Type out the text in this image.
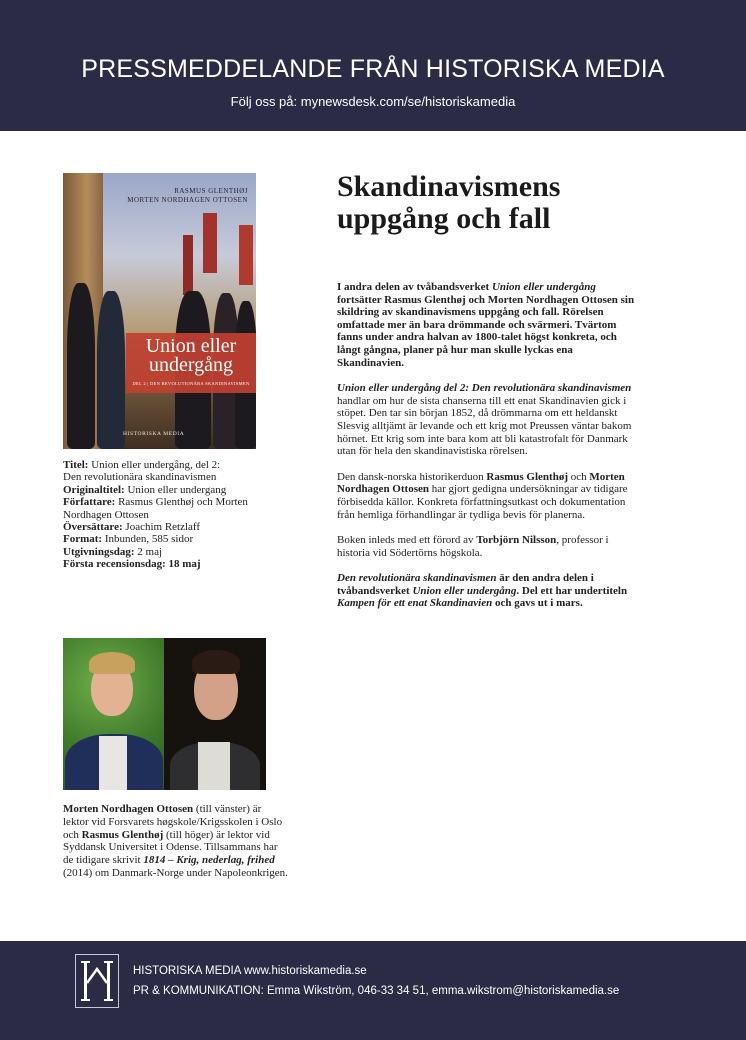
PRESSMEDDELANDE FRÅN HISTORISKA MEDIA
Följ oss på: mynewsdesk.com/se/historiskamedia
RASMUS GLENTHØJ
MORTEN NORDHAGEN OTTOSEN
Union eller
undergång
DEL 2 | DEN REVOLUTIONÄRA SKANDINAVISMEN
HISTORISKA MEDIA
Titel: Union eller undergång, del 2:
Den revolutionära skandinavismen
Originaltitel: Union eller undergang
Författare: Rasmus Glenthøj och Morten
Nordhagen Ottosen
Översättare: Joachim Retzlaff
Format: Inbunden, 585 sidor
Utgivningsdag: 2 maj
Första recensionsdag: 18 maj
Morten Nordhagen Ottosen (till vänster) är lektor vid Forsvarets høgskole/Krigsskolen i Oslo och Rasmus Glenthøj (till höger) är lektor vid Syddansk Universitet i Odense. Tillsammans har de tidigare skrivit 1814 – Krig, nederlag, frihed (2014) om Danmark-Norge under Napoleonkrigen.
Skandinavismens uppgång och fall

I andra delen av tvåbandsverket Union eller undergång fortsätter Rasmus Glenthøj och Morten Nordhagen Ottosen sin skildring av skandinavismens uppgång och fall. Rörelsen omfattade mer än bara drömmande och svärmeri. Tvärtom fanns under andra halvan av 1800-talet högst konkreta, och långt gångna, planer på hur man skulle lyckas ena Skandinavien.

Union eller undergång del 2: Den revolutionära skandinavismen handlar om hur de sista chanserna till ett enat Skandinavien gick i stöpet. Den tar sin början 1852, då drömmarna om ett heldanskt Slesvig alltjämt är levande och ett krig mot Preussen väntar bakom hörnet. Ett krig som inte bara kom att bli katastrofalt för Danmark utan för hela den skandinavistiska rörelsen.

Den dansk-norska historikerduon Rasmus Glenthøj och Morten Nordhagen Ottosen har gjort gedigna undersökningar av tidigare förbisedda källor. Konkreta författningsutkast och dokumentation från hemliga förhandlingar är tydliga bevis för planerna.

Boken inleds med ett förord av Torbjörn Nilsson, professor i historia vid Södertörns högskola.

Den revolutionära skandinavismen är den andra delen i tvåbandsverket Union eller undergång. Del ett har undertiteln Kampen för ett enat Skandinavien och gavs ut i mars.

HISTORISKA MEDIA www.historiskamedia.se
PR & KOMMUNIKATION: Emma Wikström, 046-33 34 51, emma.wikstrom@historiskamedia.se
